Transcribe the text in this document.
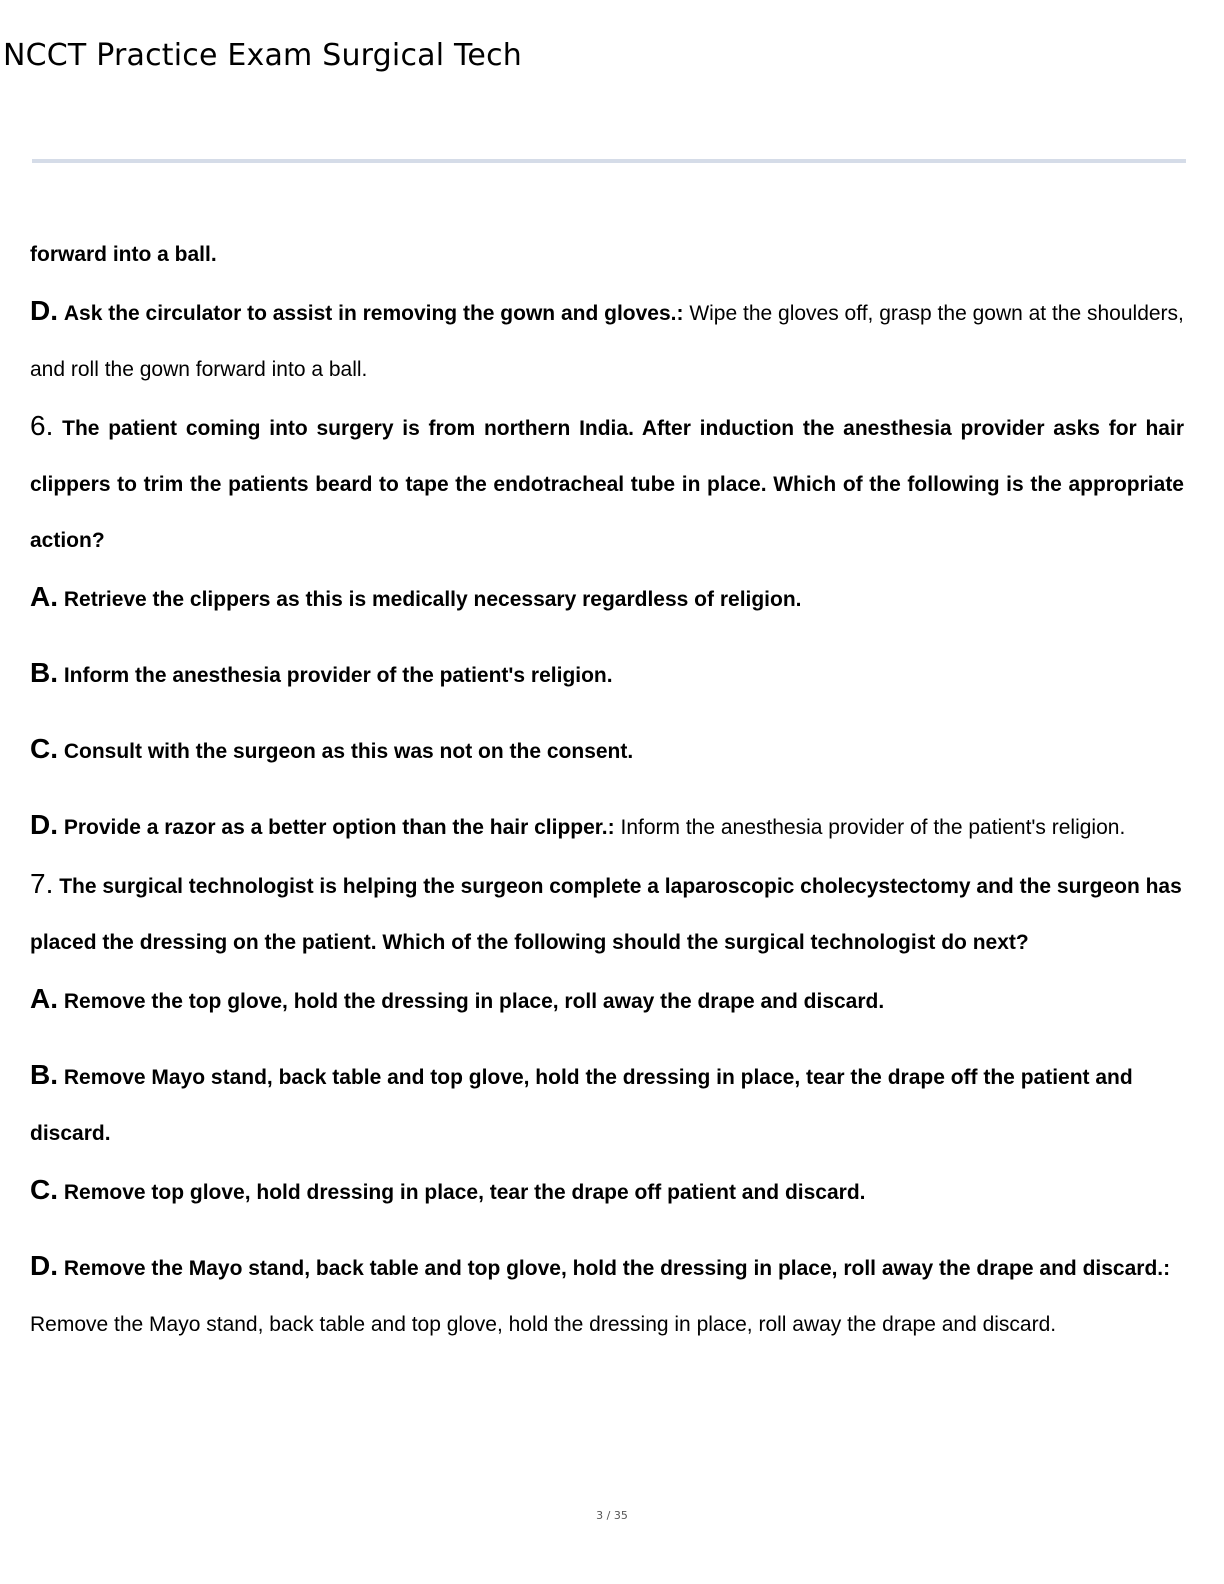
NCCT Practice Exam Surgical Tech

forward into a ball.

D. Ask the circulator to assist in removing the gown and gloves.: Wipe the gloves off, grasp the gown at the shoulders, and roll the gown forward into a ball.

6. The patient coming into surgery is from northern India. After induction the anesthesia provider asks for hair clippers to trim the patients beard to tape the endotracheal tube in place. Which of the following is the appropriate action?

A. Retrieve the clippers as this is medically necessary regardless of religion.

B. Inform the anesthesia provider of the patient's religion.

C. Consult with the surgeon as this was not on the consent.

D. Provide a razor as a better option than the hair clipper.: Inform the anesthesia provider of the patient's religion.

7. The surgical technologist is helping the surgeon complete a laparoscopic cholecystectomy and the surgeon has placed the dressing on the patient. Which of the following should the surgical technologist do next?

A. Remove the top glove, hold the dressing in place, roll away the drape and discard.

B. Remove Mayo stand, back table and top glove, hold the dressing in place, tear the drape off the patient and discard.

C. Remove top glove, hold dressing in place, tear the drape off patient and discard.

D. Remove the Mayo stand, back table and top glove, hold the dressing in place, roll away the drape and discard.: Remove the Mayo stand, back table and top glove, hold the dressing in place, roll away the drape and discard.

3 / 35
